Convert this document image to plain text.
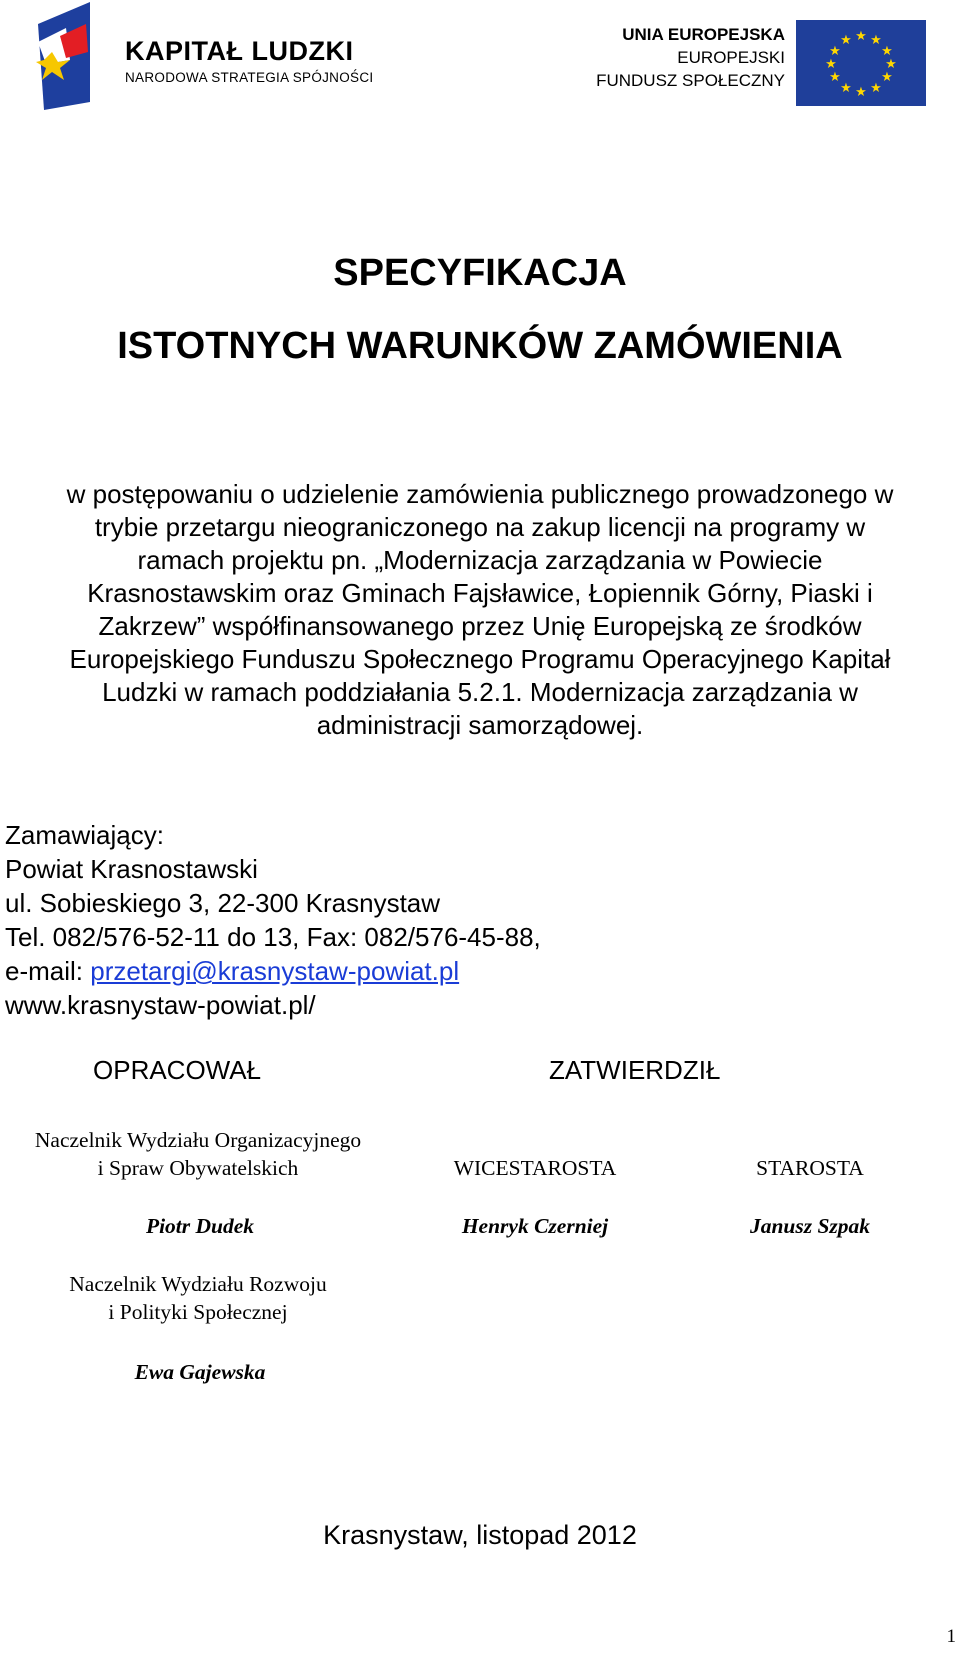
KAPITAŁ LUDZKI
NARODOWA STRATEGIA SPÓJNOŚCI
UNIA EUROPEJSKA
EUROPEJSKI
FUNDUSZ SPOŁECZNY
★ ★
★
★
★
★
★
★
★
★
★
★
SPECYFIKACJA
ISTOTNYCH WARUNKÓW ZAMÓWIENIA
w postępowaniu o udzielenie zamówienia publicznego prowadzonego w
trybie przetargu nieograniczonego na zakup licencji na programy w
ramach projektu pn. „Modernizacja zarządzania w Powiecie
Krasnostawskim oraz Gminach Fajsławice, Łopiennik Górny, Piaski i
Zakrzew” współfinansowanego przez Unię Europejską ze środków
Europejskiego Funduszu Społecznego Programu Operacyjnego Kapitał
Ludzki w ramach poddziałania 5.2.1. Modernizacja zarządzania w
administracji samorządowej.
Zamawiający:
Powiat Krasnostawski
ul. Sobieskiego 3, 22-300 Krasnystaw
Tel. 082/576-52-11 do 13, Fax: 082/576-45-88,
e-mail: przetargi@krasnystaw-powiat.pl
www.krasnystaw-powiat.pl/
OPRACOWAŁ	ZATWIERDZIŁ
Naczelnik Wydziału Organizacyjnego
i Spraw Obywatelskich	WICESTAROSTA	STAROSTA
Piotr Dudek	Henryk Czerniej	Janusz Szpak
Naczelnik Wydziału Rozwoju
i Polityki Społecznej
Ewa Gajewska
Krasnystaw, listopad 2012
1
